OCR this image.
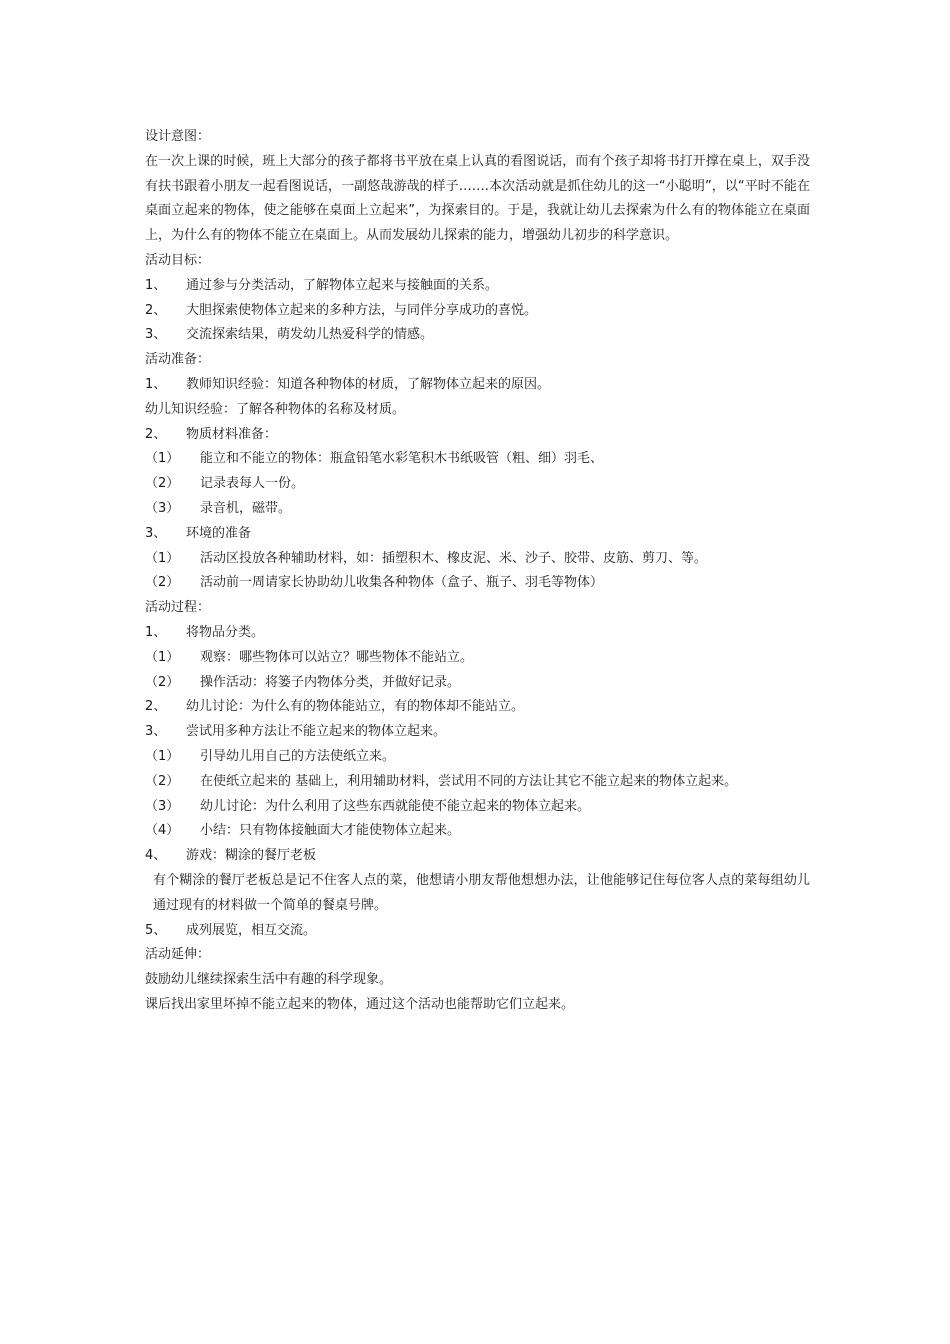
设计意图：
在一次上课的时候，班上大部分的孩子都将书平放在桌上认真的看图说话，而有个孩子却将书打开撑在桌上，双手没有扶书跟着小朋友一起看图说话，一副悠哉游哉的样子…….本次活动就是抓住幼儿的这一“小聪明”，以“平时不能在桌面立起来的物体，使之能够在桌面上立起来”，为探索目的。于是，我就让幼儿去探索为什么有的物体能立在桌面上，为什么有的物体不能立在桌面上。从而发展幼儿探索的能力，增强幼儿初步的科学意识。
活动目标：
1、	通过参与分类活动，了解物体立起来与接触面的关系。
2、	大胆探索使物体立起来的多种方法，与同伴分享成功的喜悦。
3、	交流探索结果，萌发幼儿热爱科学的情感。
活动准备：
1、	教师知识经验：知道各种物体的材质，了解物体立起来的原因。
幼儿知识经验：了解各种物体的名称及材质。
2、	物质材料准备：
（1）	能立和不能立的物体：瓶盒铅笔水彩笔积木书纸吸管（粗、细）羽毛、
（2）	记录表每人一份。
（3）	录音机，磁带。
3、	环境的准备
（1）	活动区投放各种辅助材料，如：插塑积木、橡皮泥、米、沙子、胶带、皮筋、剪刀、等。
（2）	活动前一周请家长协助幼儿收集各种物体（盒子、瓶子、羽毛等物体）
活动过程：
1、	将物品分类。
（1）	观察：哪些物体可以站立？哪些物体不能站立。
（2）	操作活动：将篓子内物体分类，并做好记录。
2、	幼儿讨论：为什么有的物体能站立，有的物体却不能站立。
3、	尝试用多种方法让不能立起来的物体立起来。
（1）	引导幼儿用自己的方法使纸立来。
（2）	在使纸立起来的 基础上，利用辅助材料，尝试用不同的方法让其它不能立起来的物体立起来。
（3）	幼儿讨论：为什么利用了这些东西就能使不能立起来的物体立起来。
（4）	小结：只有物体接触面大才能使物体立起来。
4、	游戏：糊涂的餐厅老板
有个糊涂的餐厅老板总是记不住客人点的菜，他想请小朋友帮他想想办法，让他能够记住每位客人点的菜每组幼儿通过现有的材料做一个简单的餐桌号牌。
5、	成列展览，相互交流。
活动延伸：
鼓励幼儿继续探索生活中有趣的科学现象。
课后找出家里坏掉不能立起来的物体，通过这个活动也能帮助它们立起来。
